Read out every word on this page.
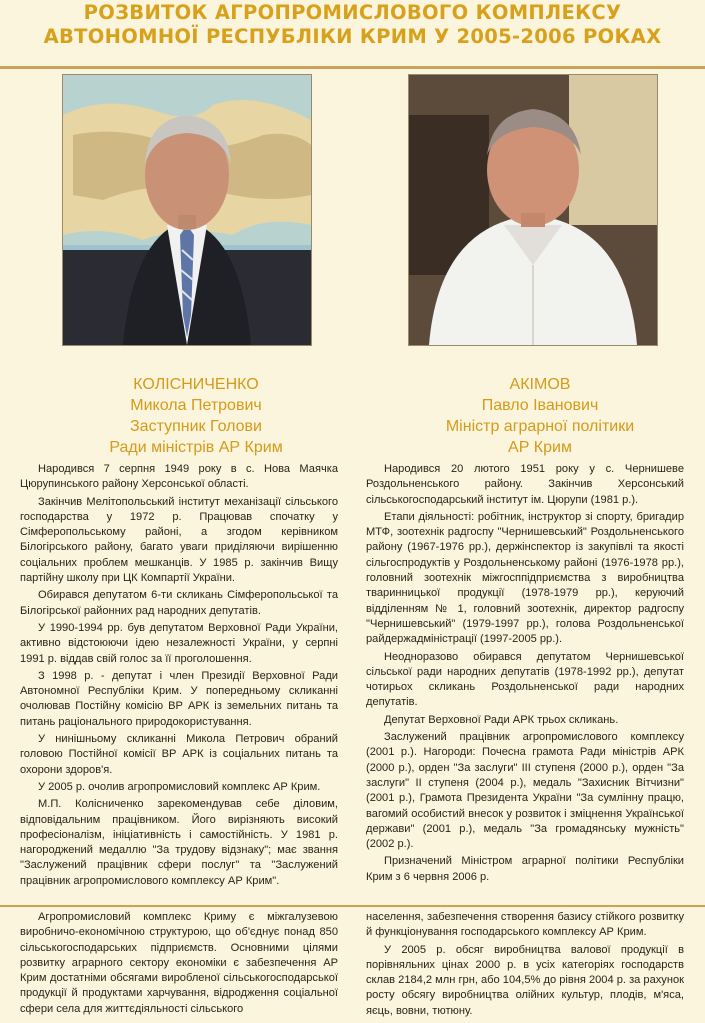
РОЗВИТОК АГРОПРОМИСЛОВОГО КОМПЛЕКСУ
АВТОНОМНОЇ РЕСПУБЛІКИ КРИМ У 2005-2006 РОКАХ
КОЛІСНИЧЕНКО
Микола Петрович
Заступник Голови
Ради міністрів АР Крим
АКІМОВ
Павло Іванович
Міністр аграрної політики
АР Крим

Народився 7 серпня 1949 року в с. Нова Маячка Цюрупинського району Херсонської області.

Закінчив Мелітопольський інститут механізації сільського господарства у 1972 р. Працював спочатку у Сімферопольському районі, а згодом керівником Білогірського району, багато уваги приділяючи вирішенню соціальних проблем мешканців. У 1985 р. закінчив Вищу партійну школу при ЦК Компартії України.

Обирався депутатом 6-ти скликань Сімферопольської та Білогірської районних рад народних депутатів.

У 1990-1994 рр. був депутатом Верховної Ради України, активно відстоюючи ідею незалежності України, у серпні 1991 р. віддав свій голос за її проголошення.

З 1998 р. - депутат і член Президії Верховної Ради Автономної Республіки Крим. У попередньому скликанні очолював Постійну комісію ВР АРК із земельних питань та питань раціонального природокористування.

У нинішньому скликанні Микола Петрович обраний головою Постійної комісії ВР АРК із соціальних питань та охорони здоров'я.

У 2005 р. очолив агропромисловий комплекс АР Крим.

М.П. Колісниченко зарекомендував себе діловим, відповідальним працівником. Його вирізняють високий професіоналізм, ініціативність і самостійність. У 1981 р. нагороджений медаллю "За трудову відзнаку"; має звання "Заслужений працівник сфери послуг" та "Заслужений працівник агропромислового комплексу АР Крим".

Народився 20 лютого 1951 року у с. Чернишеве Роздольненського району. Закінчив Херсонський сільськогосподарський інститут ім. Цюрупи (1981 р.).

Етапи діяльності: робітник, інструктор зі спорту, бригадир МТФ, зоотехнік радгоспу "Чернишевський" Роздольненського району (1967-1976 рр.), держінспектор із закупівлі та якості сільгоспродуктів у Роздольненському районі (1976-1978 рр.), головний зоотехнік міжгосппідприємства з виробництва тваринницької продукції (1978-1979 рр.), керуючий відділенням № 1, головний зоотехнік, директор радгоспу "Чернишевський" (1979-1997 рр.), голова Роздольненської райдержадміністрації (1997-2005 рр.).

Неодноразово обирався депутатом Чернишевської сільської ради народних депутатів (1978-1992 рр.), депутат чотирьох скликань Роздольненської ради народних депутатів.

Депутат Верховної Ради АРК трьох скликань.

Заслужений працівник агропромислового комплексу (2001 р.). Нагороди: Почесна грамота Ради міністрів АРК (2000 р.), орден "За заслуги" III ступеня (2000 р.), орден "За заслуги" II ступеня (2004 р.), медаль "Захисник Вітчизни" (2001 р.), Грамота Президента України "За сумлінну працю, вагомий особистий внесок у розвиток і зміцнення Української держави" (2001 р.), медаль "За громадянську мужність" (2002 р.).

Призначений Міністром аграрної політики Республіки Крим з 6 червня 2006 р.

Агропромисловий комплекс Криму є міжгалузевою виробничо-економічною структурою, що об'єднує понад 850 сільськогосподарських підприємств. Основними цілями розвитку аграрного сектору економіки є забезпечення АР Крим достатніми обсягами виробленої сільськогосподарської продукції й продуктами харчування, відродження соціальної сфери села для життєдіяльності сільського

населення, забезпечення створення базису стійкого розвитку й функціонування господарського комплексу АР Крим.

У 2005 р. обсяг виробництва валової продукції в порівняльних цінах 2000 р. в усіх категоріях господарств склав 2184,2 млн грн, або 104,5% до рівня 2004 р. за рахунок росту обсягу виробництва олійних культур, плодів, м'яса, яєць, вовни, тютюну.
